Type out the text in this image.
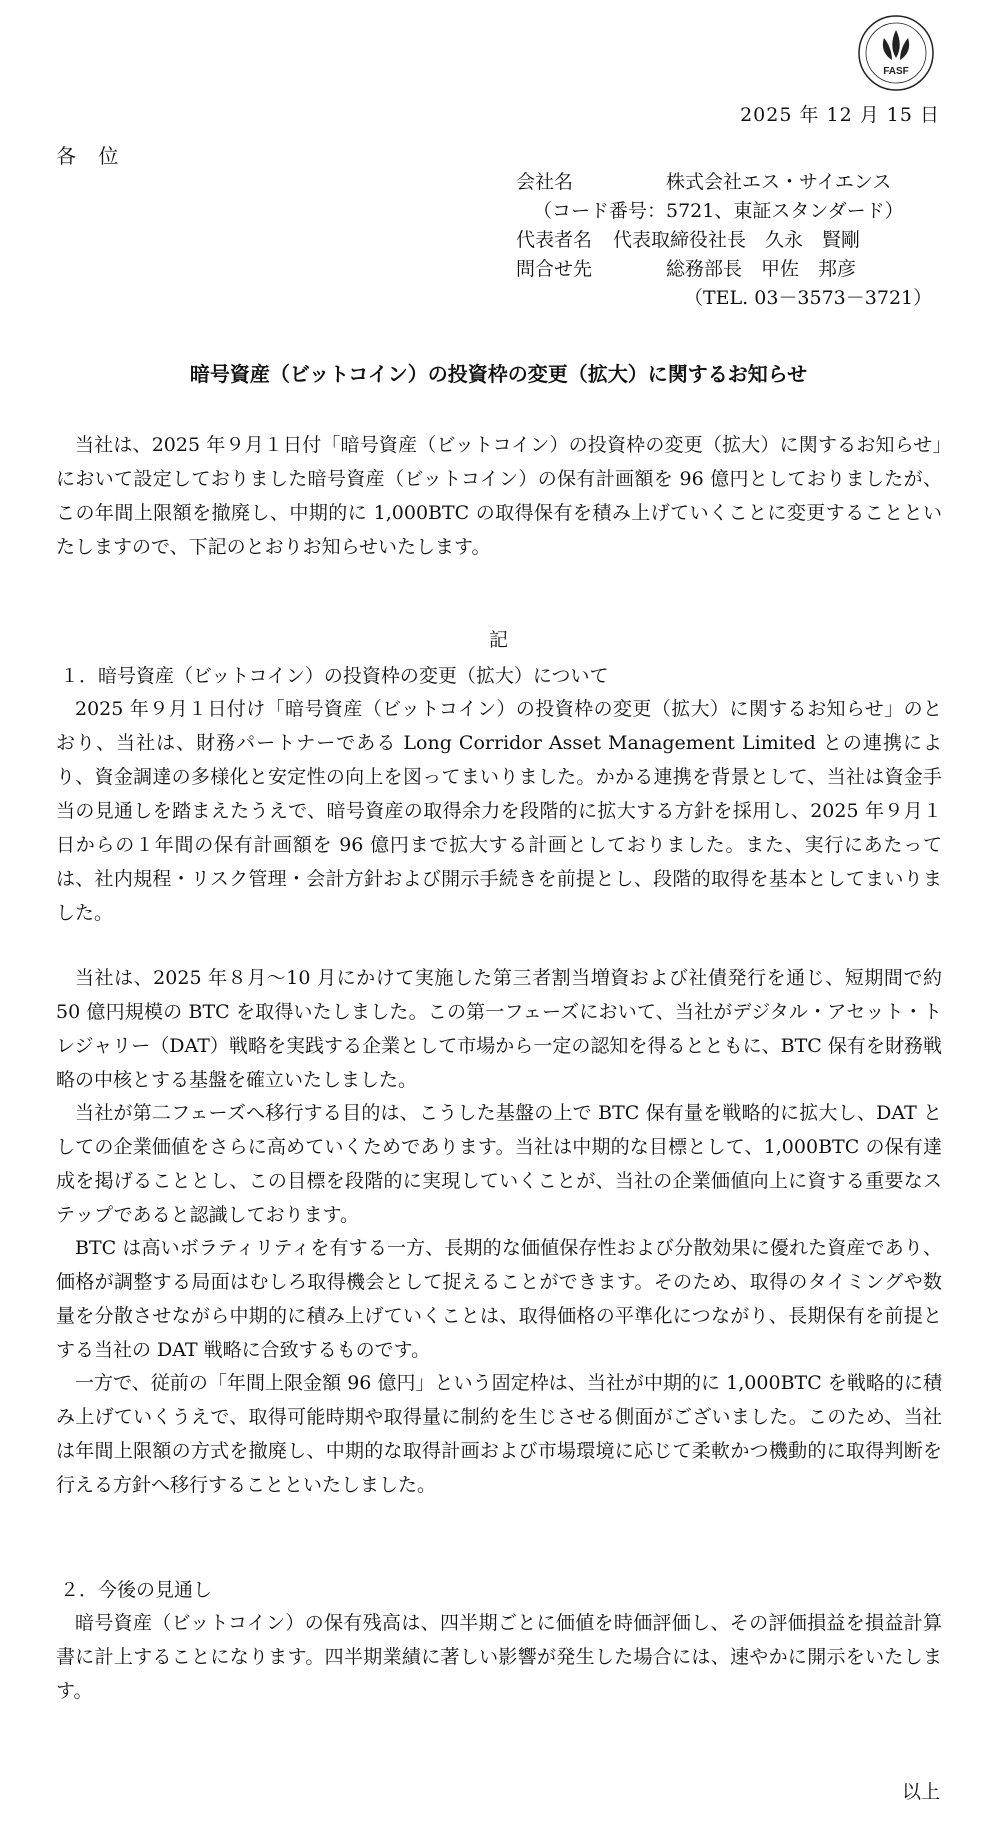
FASF
2025 年 12 月 15 日
各 位
会社名	株式会社エス・サイエンス
（コード番号：5721、東証スタンダード）
代表者名	代表取締役社長　久永　賢剛
問合せ先	総務部長　甲佐　邦彦
（TEL. 03－3573－3721）
暗号資産（ビットコイン）の投資枠の変更（拡大）に関するお知らせ
当社は、2025 年９月１日付「暗号資産（ビットコイン）の投資枠の変更（拡大）に関するお知らせ」において設定しておりました暗号資産（ビットコイン）の保有計画額を 96 億円としておりましたが、この年間上限額を撤廃し、中期的に 1,000BTC の取得保有を積み上げていくことに変更することといたしますので、下記のとおりお知らせいたします。
記
１．暗号資産（ビットコイン）の投資枠の変更（拡大）について
2025 年９月１日付け「暗号資産（ビットコイン）の投資枠の変更（拡大）に関するお知らせ」のとおり、当社は、財務パートナーである Long Corridor Asset Management Limited との連携により、資金調達の多様化と安定性の向上を図ってまいりました。かかる連携を背景として、当社は資金手当の見通しを踏まえたうえで、暗号資産の取得余力を段階的に拡大する方針を採用し、2025 年９月１日からの１年間の保有計画額を 96 億円まで拡大する計画としておりました。また、実行にあたっては、社内規程・リスク管理・会計方針および開示手続きを前提とし、段階的取得を基本としてまいりました。
当社は、2025 年８月～10 月にかけて実施した第三者割当増資および社債発行を通じ、短期間で約 50 億円規模の BTC を取得いたしました。この第一フェーズにおいて、当社がデジタル・アセット・トレジャリー（DAT）戦略を実践する企業として市場から一定の認知を得るとともに、BTC 保有を財務戦略の中核とする基盤を確立いたしました。
当社が第二フェーズへ移行する目的は、こうした基盤の上で BTC 保有量を戦略的に拡大し、DAT としての企業価値をさらに高めていくためであります。当社は中期的な目標として、1,000BTC の保有達成を掲げることとし、この目標を段階的に実現していくことが、当社の企業価値向上に資する重要なステップであると認識しております。
BTC は高いボラティリティを有する一方、長期的な価値保存性および分散効果に優れた資産であり、価格が調整する局面はむしろ取得機会として捉えることができます。そのため、取得のタイミングや数量を分散させながら中期的に積み上げていくことは、取得価格の平準化につながり、長期保有を前提とする当社の DAT 戦略に合致するものです。
一方で、従前の「年間上限金額 96 億円」という固定枠は、当社が中期的に 1,000BTC を戦略的に積み上げていくうえで、取得可能時期や取得量に制約を生じさせる側面がございました。このため、当社は年間上限額の方式を撤廃し、中期的な取得計画および市場環境に応じて柔軟かつ機動的に取得判断を行える方針へ移行することといたしました。
２．今後の見通し
暗号資産（ビットコイン）の保有残高は、四半期ごとに価値を時価評価し、その評価損益を損益計算書に計上することになります。四半期業績に著しい影響が発生した場合には、速やかに開示をいたします。
以上
